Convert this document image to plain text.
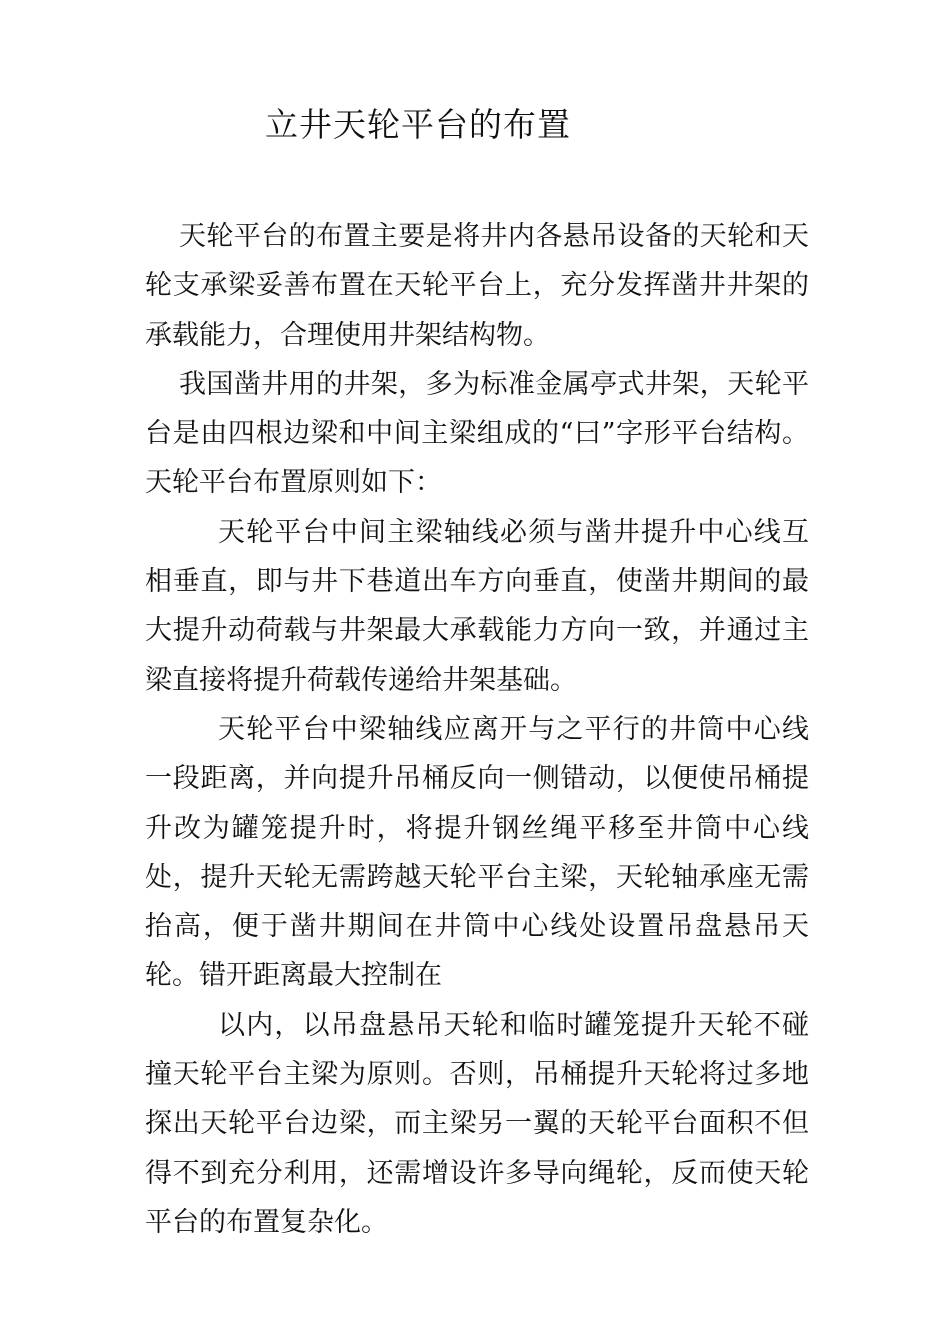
立井天轮平台的布置

天轮平台的布置主要是将井内各悬吊设备的天轮和天轮支承梁妥善布置在天轮平台上，充分发挥凿井井架的承载能力，合理使用井架结构物。

我国凿井用的井架，多为标准金属亭式井架，天轮平台是由四根边梁和中间主梁组成的“曰”字形平台结构。天轮平台布置原则如下：

天轮平台中间主梁轴线必须与凿井提升中心线互相垂直，即与井下巷道出车方向垂直，使凿井期间的最大提升动荷载与井架最大承载能力方向一致，并通过主梁直接将提升荷载传递给井架基础。

天轮平台中梁轴线应离开与之平行的井筒中心线一段距离，并向提升吊桶反向一侧错动，以便使吊桶提升改为罐笼提升时，将提升钢丝绳平移至井筒中心线处，提升天轮无需跨越天轮平台主梁，天轮轴承座无需抬高，便于凿井期间在井筒中心线处设置吊盘悬吊天轮。错开距离最大控制在

以内，以吊盘悬吊天轮和临时罐笼提升天轮不碰撞天轮平台主梁为原则。否则，吊桶提升天轮将过多地探出天轮平台边梁，而主梁另一翼的天轮平台面积不但得不到充分利用，还需增设许多导向绳轮，反而使天轮平台的布置复杂化。
